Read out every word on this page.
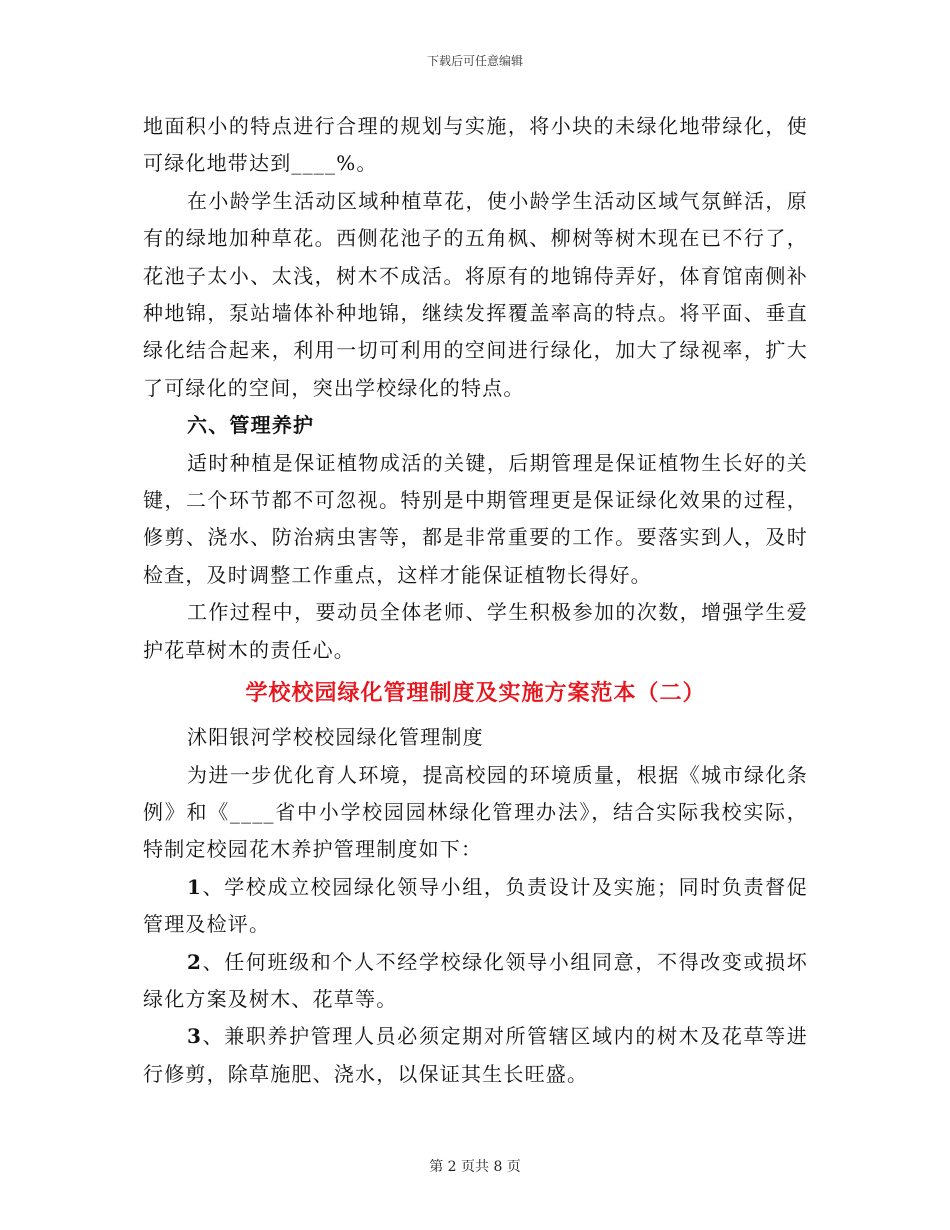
下载后可任意编辑

地面积小的特点进行合理的规划与实施，将小块的未绿化地带绿化，使可绿化地带达到____%。

在小龄学生活动区域种植草花，使小龄学生活动区域气氛鲜活，原有的绿地加种草花。西侧花池子的五角枫、柳树等树木现在已不行了，花池子太小、太浅，树木不成活。将原有的地锦侍弄好，体育馆南侧补种地锦，泵站墙体补种地锦，继续发挥覆盖率高的特点。将平面、垂直绿化结合起来，利用一切可利用的空间进行绿化，加大了绿视率，扩大了可绿化的空间，突出学校绿化的特点。

六、管理养护

适时种植是保证植物成活的关键，后期管理是保证植物生长好的关键，二个环节都不可忽视。特别是中期管理更是保证绿化效果的过程，修剪、浇水、防治病虫害等，都是非常重要的工作。要落实到人，及时检查，及时调整工作重点，这样才能保证植物长得好。

工作过程中，要动员全体老师、学生积极参加的次数，增强学生爱护花草树木的责任心。

学校校园绿化管理制度及实施方案范本（二）

沭阳银河学校校园绿化管理制度

为进一步优化育人环境，提高校园的环境质量，根据《城市绿化条例》和《____省中小学校园园林绿化管理办法》，结合实际我校实际，特制定校园花木养护管理制度如下：

1、学校成立校园绿化领导小组，负责设计及实施；同时负责督促管理及检评。

2、任何班级和个人不经学校绿化领导小组同意，不得改变或损坏绿化方案及树木、花草等。

3、兼职养护管理人员必须定期对所管辖区域内的树木及花草等进行修剪，除草施肥、浇水，以保证其生长旺盛。

第 2 页共 8 页
